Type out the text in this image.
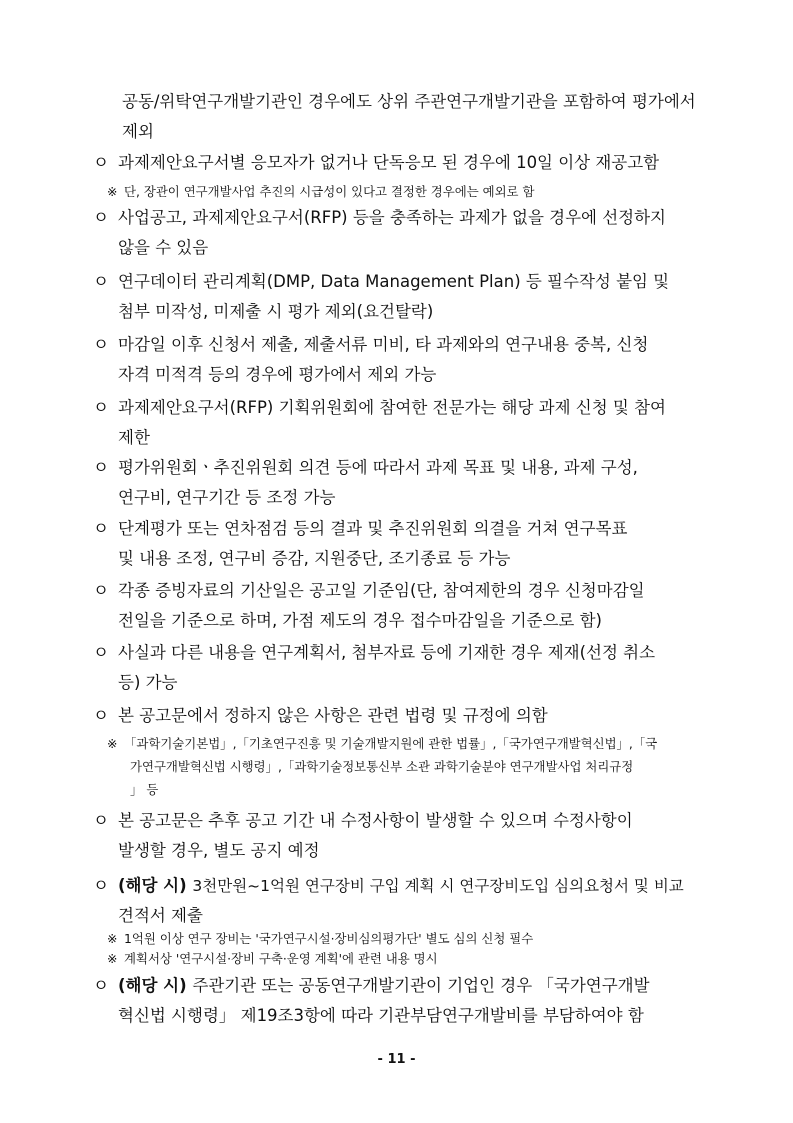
공동/위탁연구개발기관인 경우에도 상위 주관연구개발기관을 포함하여 평가에서
제외
ㅇ 과제제안요구서별 응모자가 없거나 단독응모 된 경우에 10일 이상 재공고함
※ 단, 장관이 연구개발사업 추진의 시급성이 있다고 결정한 경우에는 예외로 함
ㅇ 사업공고, 과제제안요구서(RFP) 등을 충족하는 과제가 없을 경우에 선정하지
않을 수 있음
ㅇ 연구데이터 관리계획(DMP, Data Management Plan) 등 필수작성 붙임 및
첨부 미작성, 미제출 시 평가 제외(요건탈락)
ㅇ 마감일 이후 신청서 제출, 제출서류 미비, 타 과제와의 연구내용 중복, 신청
자격 미적격 등의 경우에 평가에서 제외 가능
ㅇ 과제제안요구서(RFP) 기획위원회에 참여한 전문가는 해당 과제 신청 및 참여
제한
ㅇ 평가위원회ㆍ추진위원회 의견 등에 따라서 과제 목표 및 내용, 과제 구성,
연구비, 연구기간 등 조정 가능
ㅇ 단계평가 또는 연차점검 등의 결과 및 추진위원회 의결을 거쳐 연구목표
및 내용 조정, 연구비 증감, 지원중단, 조기종료 등 가능
ㅇ 각종 증빙자료의 기산일은 공고일 기준임(단, 참여제한의 경우 신청마감일
전일을 기준으로 하며, 가점 제도의 경우 접수마감일을 기준으로 함)
ㅇ 사실과 다른 내용을 연구계획서, 첨부자료 등에 기재한 경우 제재(선정 취소
등) 가능
ㅇ 본 공고문에서 정하지 않은 사항은 관련 법령 및 규정에 의함
※ 「과학기술기본법」,「기초연구진흥 및 기술개발지원에 관한 법률」,「국가연구개발혁신법」,「국
가연구개발혁신법 시행령」,「과학기술정보통신부 소관 과학기술분야 연구개발사업 처리규정
」 등
ㅇ 본 공고문은 추후 공고 기간 내 수정사항이 발생할 수 있으며 수정사항이
발생할 경우, 별도 공지 예정
ㅇ (해당 시) 3천만원~1억원 연구장비 구입 계획 시 연구장비도입 심의요청서 및 비교
견적서 제출
※ 1억원 이상 연구 장비는 '국가연구시설·장비심의평가단' 별도 심의 신청 필수
※ 계획서상 '연구시설·장비 구축·운영 계획'에 관련 내용 명시
ㅇ (해당 시) 주관기관 또는 공동연구개발기관이 기업인 경우 「국가연구개발
혁신법 시행령」 제19조3항에 따라 기관부담연구개발비를 부담하여야 함
- 11 -
